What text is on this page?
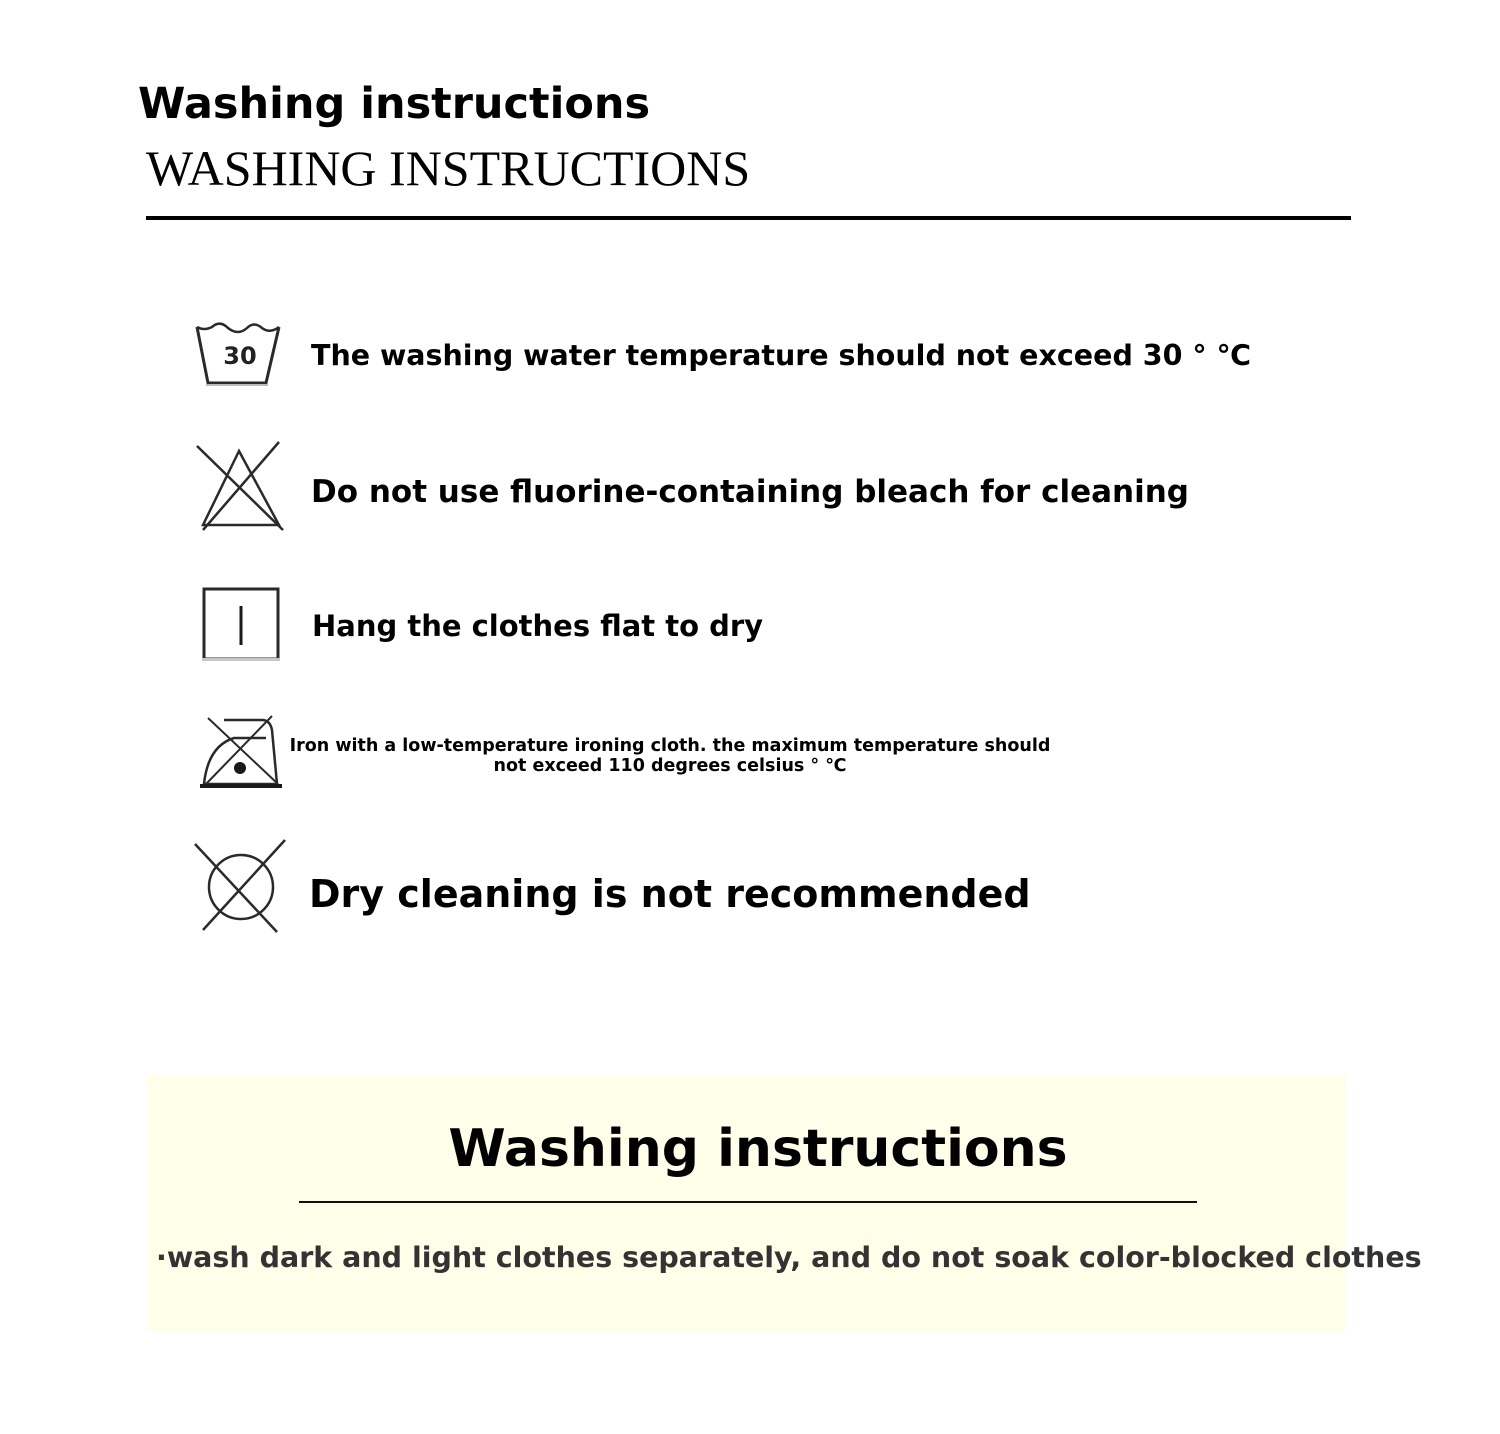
Washing instructions
WASHING INSTRUCTIONS
30 The washing water temperature should not exceed 30 ° ℃

Do not use fluorine-containing bleach for cleaning

Hang the clothes flat to dry

Iron with a low-temperature ironing cloth. the maximum temperature should
not exceed 110 degrees celsius ° ℃

Dry cleaning is not recommended

Washing instructions

·wash dark and light clothes separately, and do not soak color-blocked clothes
